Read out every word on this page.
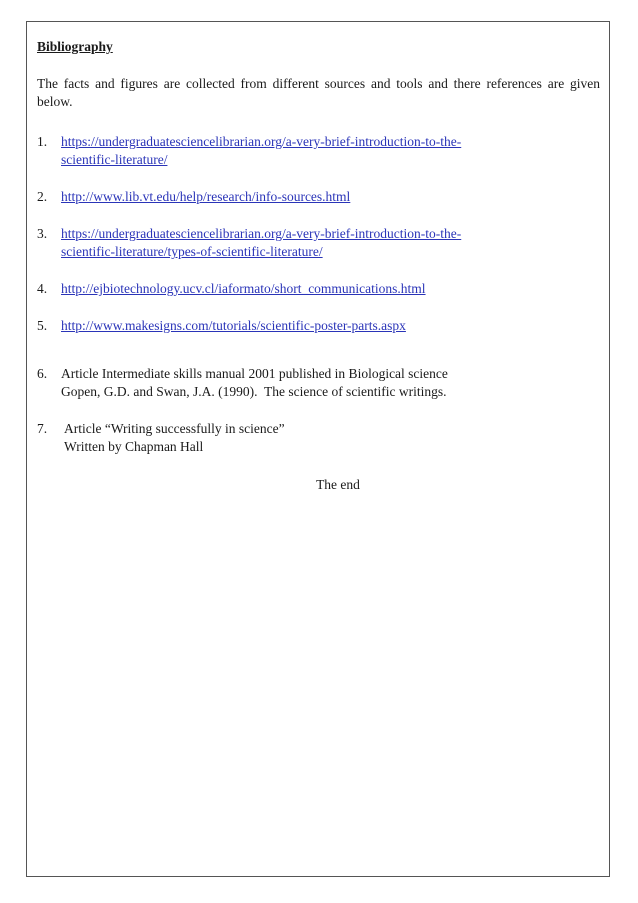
Bibliography
The facts and figures are collected from different sources and tools and there references are given below.
1.	https://undergraduatesciencelibrarian.org/a-very-brief-introduction-to-the-
scientific-literature/
2.	http://www.lib.vt.edu/help/research/info-sources.html
3.	https://undergraduatesciencelibrarian.org/a-very-brief-introduction-to-the-
scientific-literature/types-of-scientific-literature/
4.	http://ejbiotechnology.ucv.cl/iaformato/short_communications.html
5.	http://www.makesigns.com/tutorials/scientific-poster-parts.aspx
6.	Article Intermediate skills manual 2001 published in Biological science
Gopen, G.D. and Swan, J.A. (1990).  The science of scientific writings.
7.	Article “Writing successfully in science”
Written by Chapman Hall
The end
